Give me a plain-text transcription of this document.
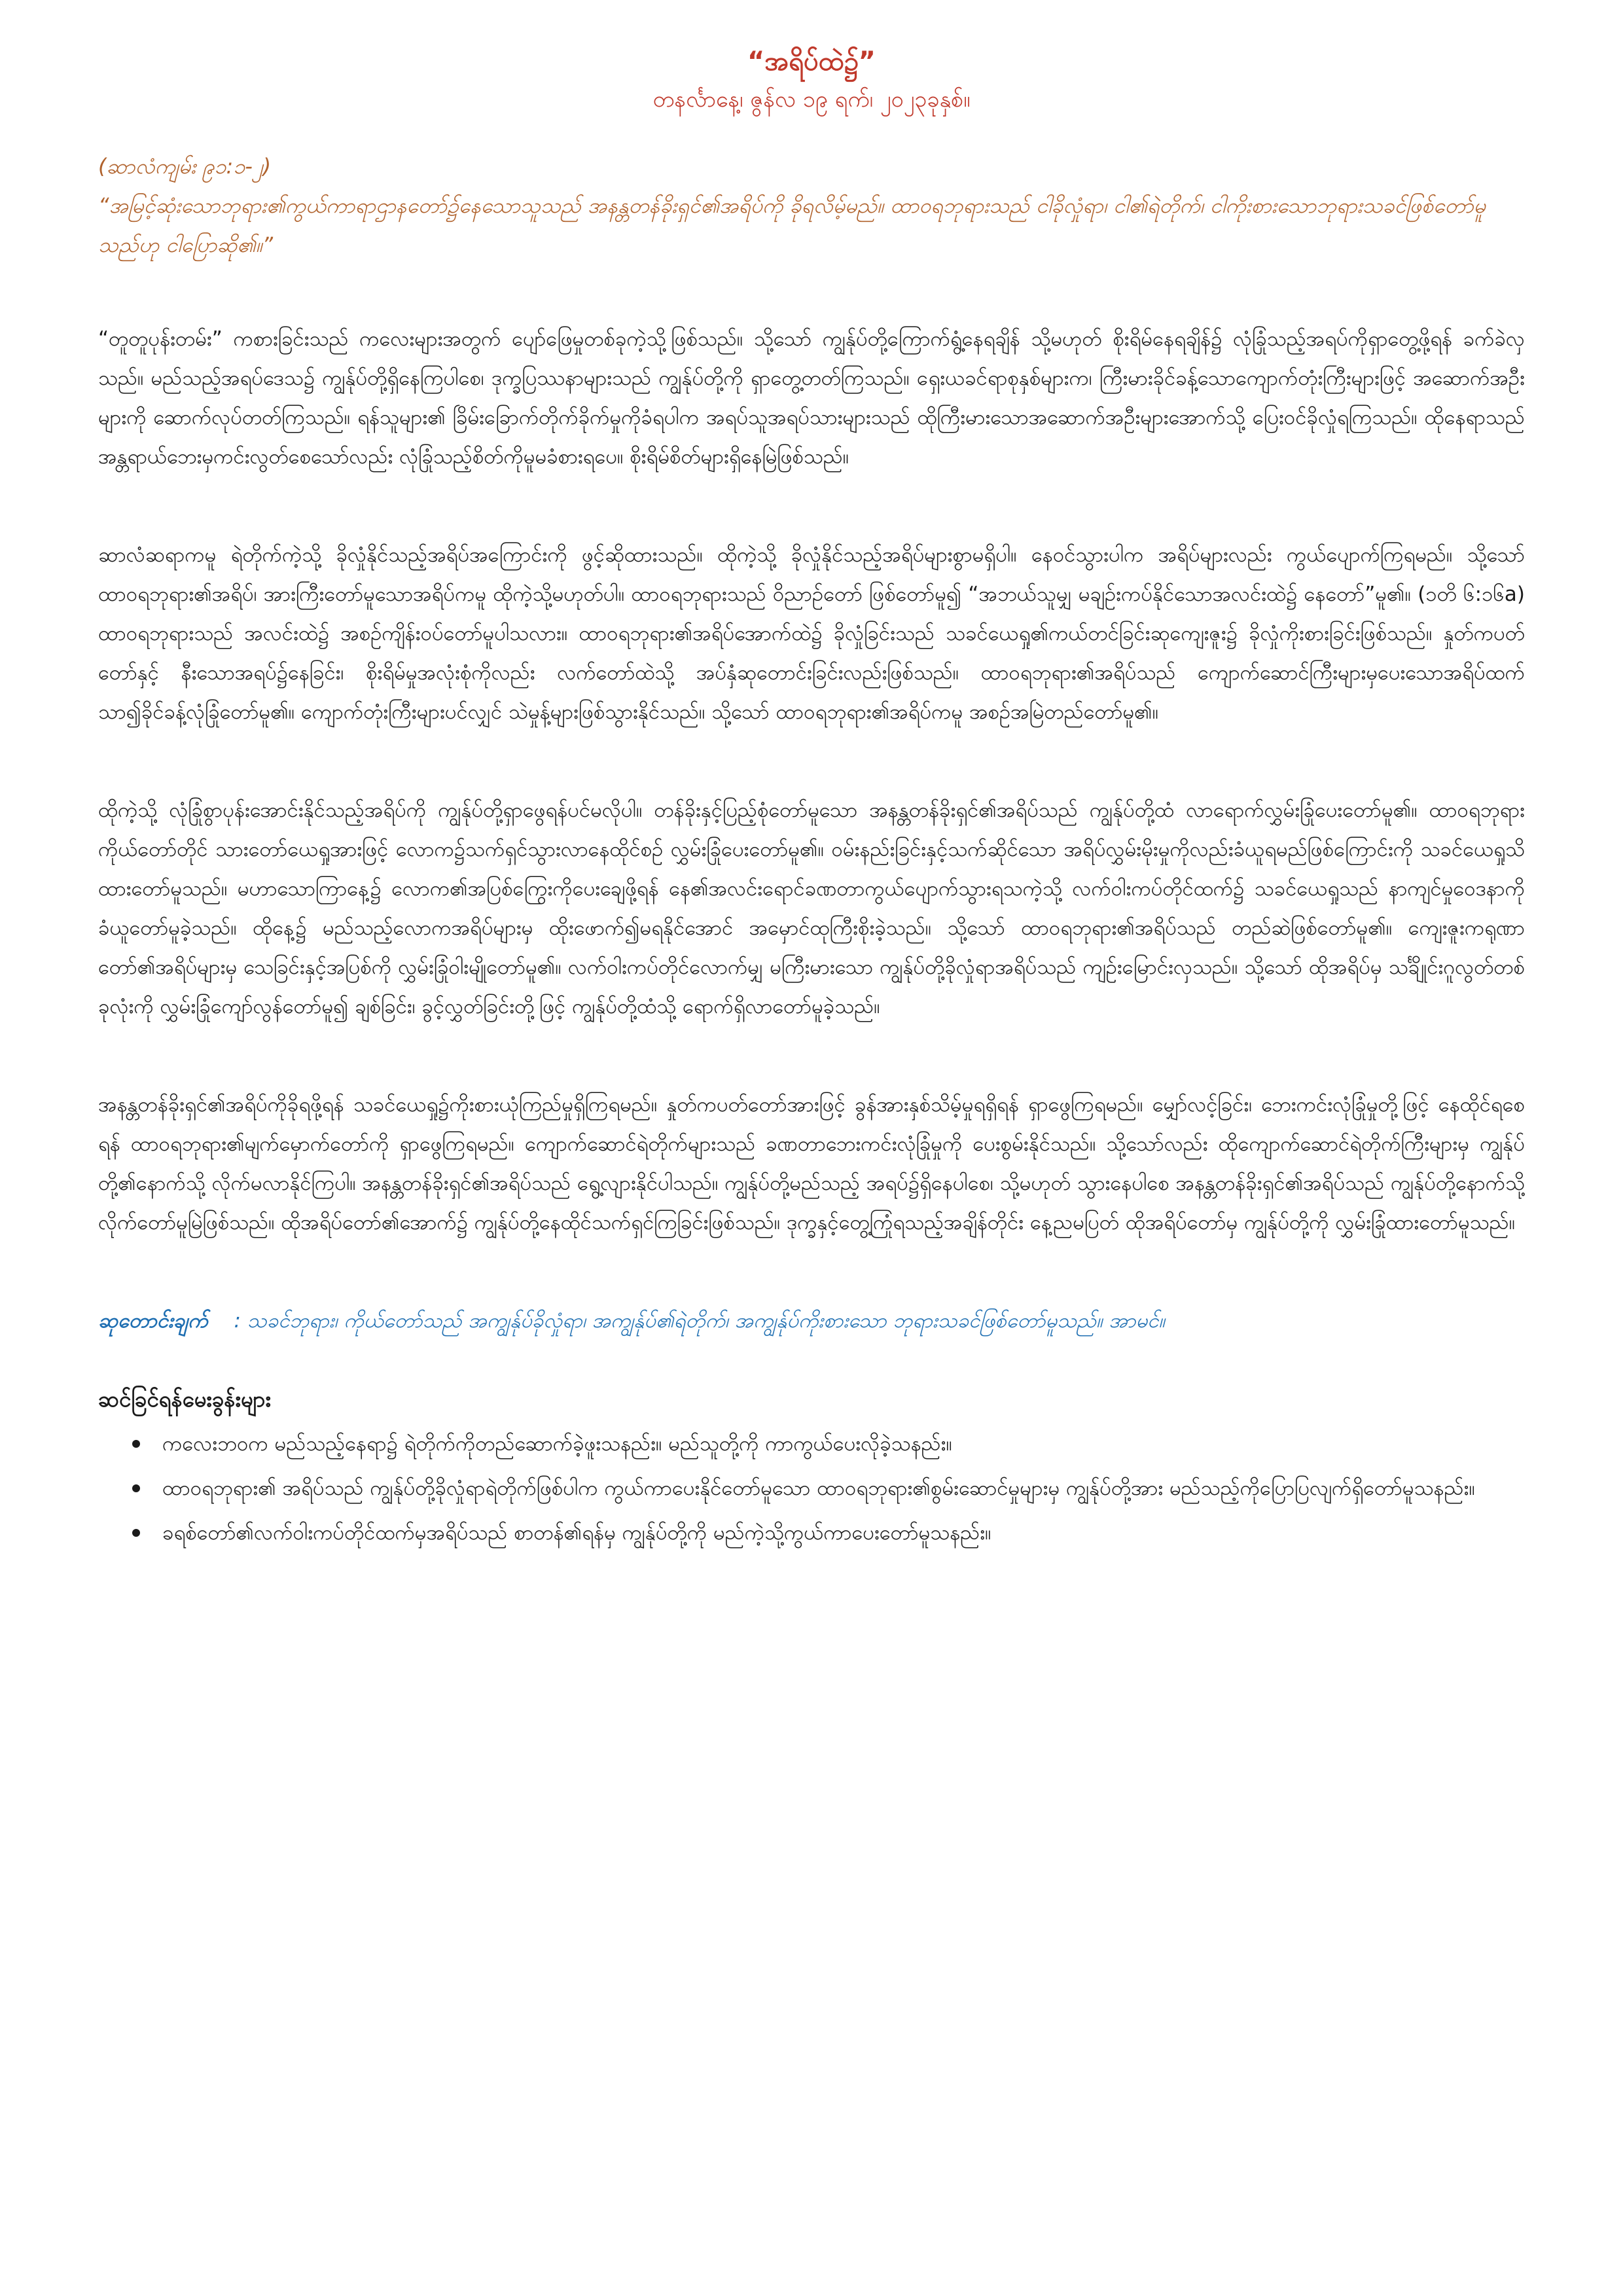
“အရိပ်ထဲ၌”

တနင်္လာနေ့၊ ဇွန်လ ၁၉ ရက်၊ ၂၀၂၃ခုနှစ်။

(ဆာလံကျမ်း ၉၁:၁-၂)

“အမြင့်ဆုံးသောဘုရား၏ကွယ်ကာရာဌာနတော်၌နေသောသူသည် အနန္တတန်ခိုးရှင်၏အရိပ်ကို ခိုရလိမ့်မည်။ ထာဝရဘုရားသည် ငါခိုလှုံရာ၊ ငါ၏ရဲတိုက်၊ ငါကိုးစားသောဘုရားသခင်ဖြစ်တော်မူသည်ဟု ငါပြောဆို၏။”

“တူတူပုန်းတမ်း” ကစားခြင်းသည် ကလေးများအတွက် ပျော်ဖြေမှုတစ်ခုကဲ့သို့ဖြစ်သည်။ သို့သော် ကျွန်ုပ်တို့ကြောက်ရွံ့နေရချိန် သို့မဟုတ် စိုးရိမ်နေရချိန်၌ လုံခြုံသည့်အရပ်ကိုရှာတွေ့ဖို့ရန် ခက်ခဲလှသည်။ မည်သည့်အရပ်ဒေသ၌ ကျွန်ုပ်တို့ရှိနေကြပါစေ၊ ဒုက္ခပြဿနာများသည် ကျွန်ုပ်တို့ကို ရှာတွေ့တတ်ကြသည်။ ရှေးယခင်ရာစုနှစ်များက၊ ကြီးမားခိုင်ခန့်သောကျောက်တုံးကြီးများဖြင့် အဆောက်အဦးများကို ဆောက်လုပ်တတ်ကြသည်။ ရန်သူများ၏ ခြိမ်းခြောက်တိုက်ခိုက်မှုကိုခံရပါက အရပ်သူအရပ်သားများသည် ထိုကြီးမားသောအဆောက်အဦးများအောက်သို့ ပြေးဝင်ခိုလှုံရကြသည်။ ထိုနေရာသည် အန္တရာယ်ဘေးမှကင်းလွတ်စေသော်လည်း လုံခြုံသည့်စိတ်ကိုမူမခံစားရပေ။ စိုးရိမ်စိတ်များရှိနေမြဲဖြစ်သည်။

ဆာလံဆရာကမူ ရဲတိုက်ကဲ့သို့ ခိုလှုံနိုင်သည့်အရိပ်အကြောင်းကို ဖွင့်ဆိုထားသည်။ ထိုကဲ့သို့ ခိုလှုံနိုင်သည့်အရိပ်များစွာမရှိပါ။ နေဝင်သွားပါက အရိပ်များလည်း ကွယ်ပျောက်ကြရမည်။ သို့သော် ထာဝရဘုရား၏အရိပ်၊ အားကြီးတော်မူသောအရိပ်ကမူ ထိုကဲ့သို့မဟုတ်ပါ။ ထာဝရဘုရားသည် ဝိညာဉ်တော် ဖြစ်တော်မူ၍ “အဘယ်သူမျှ မချဉ်းကပ်နိုင်သောအလင်းထဲ၌ နေတော်”မူ၏။ (၁တိ ၆:၁၆a) ထာဝရဘုရားသည် အလင်းထဲ၌ အစဉ်ကျိန်းဝပ်တော်မူပါသလား။ ထာဝရဘုရား၏အရိပ်အောက်ထဲ၌ ခိုလှုံခြင်းသည် သခင်ယေရှု၏ကယ်တင်ခြင်းဆုကျေးဇူး၌ ခိုလှုံကိုးစားခြင်းဖြစ်သည်။ နှုတ်ကပတ်တော်နှင့် နီးသောအရပ်၌နေခြင်း၊ စိုးရိမ်မှုအလုံးစုံကိုလည်း လက်တော်ထဲသို့ အပ်နှံဆုတောင်းခြင်းလည်းဖြစ်သည်။ ထာဝရဘုရား၏အရိပ်သည် ကျောက်ဆောင်ကြီးများမှပေးသောအရိပ်ထက် သာ၍ခိုင်ခန့်လုံခြုံတော်မူ၏။ ကျောက်တုံးကြီးများပင်လျှင် သဲမှုန့်များဖြစ်သွားနိုင်သည်။ သို့သော် ထာဝရဘုရား၏အရိပ်ကမူ အစဉ်အမြဲတည်တော်မူ၏။

ထိုကဲ့သို့ လုံခြုံစွာပုန်းအောင်းနိုင်သည့်အရိပ်ကို ကျွန်ုပ်တို့ရှာဖွေရန်ပင်မလိုပါ။ တန်ခိုးနှင့်ပြည့်စုံတော်မူသော အနန္တတန်ခိုးရှင်၏အရိပ်သည် ကျွန်ုပ်တို့ထံ လာရောက်လွှမ်းခြုံပေးတော်မူ၏။ ထာဝရဘုရားကိုယ်တော်တိုင် သားတော်ယေရှုအားဖြင့် လောက၌သက်ရှင်သွားလာနေထိုင်စဉ် လွှမ်းခြုံပေးတော်မူ၏။ ဝမ်းနည်းခြင်းနှင့်သက်ဆိုင်သော အရိပ်လွှမ်းမိုးမှုကိုလည်းခံယူရမည်ဖြစ်ကြောင်းကို သခင်ယေရှုသိထားတော်မူသည်။ မဟာသောကြာနေ့၌ လောက၏အပြစ်ကြွေးကိုပေးချေဖို့ရန် နေ၏အလင်းရောင်ခဏတာကွယ်ပျောက်သွားရသကဲ့သို့ လက်ဝါးကပ်တိုင်ထက်၌ သခင်ယေရှုသည် နာကျင်မှုဝေဒနာကိုခံယူတော်မူခဲ့သည်။ ထိုနေ့၌ မည်သည့်လောကအရိပ်များမှ ထိုးဖောက်၍မရနိုင်အောင် အမှောင်ထုကြီးစိုးခဲ့သည်။ သို့သော် ထာဝရဘုရား၏အရိပ်သည် တည်ဆဲဖြစ်တော်မူ၏။ ကျေးဇူးကရုဏာတော်၏အရိပ်များမှ သေခြင်းနှင့်အပြစ်ကို လွှမ်းခြုံဝါးမျိုတော်မူ၏။ လက်ဝါးကပ်တိုင်လောက်မျှ မကြီးမားသော ကျွန်ုပ်တို့ခိုလှုံရာအရိပ်သည် ကျဉ်းမြောင်းလှသည်။ သို့သော် ထိုအရိပ်မှ သင်္ချိုင်းဂူလွတ်တစ်ခုလုံးကို လွှမ်းခြုံကျော်လွန်တော်မူ၍ ချစ်ခြင်း၊ ခွင့်လွှတ်ခြင်းတို့ဖြင့် ကျွန်ုပ်တို့ထံသို့ ရောက်ရှိလာတော်မူခဲ့သည်။

အနန္တတန်ခိုးရှင်၏အရိပ်ကိုခိုရဖို့ရန် သခင်ယေရှု၌ကိုးစားယုံကြည်မှုရှိကြရမည်။ နှုတ်ကပတ်တော်အားဖြင့် ခွန်အားနှစ်သိမ့်မှုရရှိရန် ရှာဖွေကြရမည်။ မျှော်လင့်ခြင်း၊ ဘေးကင်းလုံခြုံမှုတို့ဖြင့် နေထိုင်ရစေရန် ထာဝရဘုရား၏မျက်မှောက်တော်ကို ရှာဖွေကြရမည်။ ကျောက်ဆောင်ရဲတိုက်များသည် ခဏတာဘေးကင်းလုံခြုံမှုကို ပေးစွမ်းနိုင်သည်။ သို့သော်လည်း ထိုကျောက်ဆောင်ရဲတိုက်ကြီးများမှ ကျွန်ုပ်တို့၏နောက်သို့ လိုက်မလာနိုင်ကြပါ။ အနန္တတန်ခိုးရှင်၏အရိပ်သည် ရွေ့လျားနိုင်ပါသည်။ ကျွန်ုပ်တို့မည်သည့် အရပ်၌ရှိနေပါစေ၊ သို့မဟုတ် သွားနေပါစေ အနန္တတန်ခိုးရှင်၏အရိပ်သည် ကျွန်ုပ်တို့နောက်သို့ လိုက်တော်မူမြဲဖြစ်သည်။ ထိုအရိပ်တော်၏အောက်၌ ကျွန်ုပ်တို့နေထိုင်သက်ရှင်ကြခြင်းဖြစ်သည်။ ဒုက္ခနှင့်တွေ့ကြုံရသည့်အချိန်တိုင်း နေ့ညမပြတ် ထိုအရိပ်တော်မှ ကျွန်ုပ်တို့ကို လွှမ်းခြုံထားတော်မူသည်။

ဆုတောင်းချက် : သခင်ဘုရား၊ ကိုယ်တော်သည် အကျွန်ုပ်ခိုလှုံရာ၊ အကျွန်ုပ်၏ရဲတိုက်၊ အကျွန်ုပ်ကိုးစားသော ဘုရားသခင်ဖြစ်တော်မူသည်။ အာမင်။

ဆင်ခြင်ရန်မေးခွန်းများ

ကလေးဘဝက မည်သည့်နေရာ၌ ရဲတိုက်ကိုတည်ဆောက်ခဲ့ဖူးသနည်း။ မည်သူတို့ကို ကာကွယ်ပေးလိုခဲ့သနည်း။
ထာဝရဘုရား၏ အရိပ်သည် ကျွန်ုပ်တို့ခိုလှုံရာရဲတိုက်ဖြစ်ပါက ကွယ်ကာပေးနိုင်တော်မူသော ထာဝရဘုရား၏စွမ်းဆောင်မှုများမှ ကျွန်ုပ်တို့အား မည်သည့်ကိုပြောပြလျက်ရှိတော်မူသနည်း။
ခရစ်တော်၏လက်ဝါးကပ်တိုင်ထက်မှအရိပ်သည် စာတန်၏ရန်မှ ကျွန်ုပ်တို့ကို မည်ကဲ့သို့ကွယ်ကာပေးတော်မူသနည်း။
